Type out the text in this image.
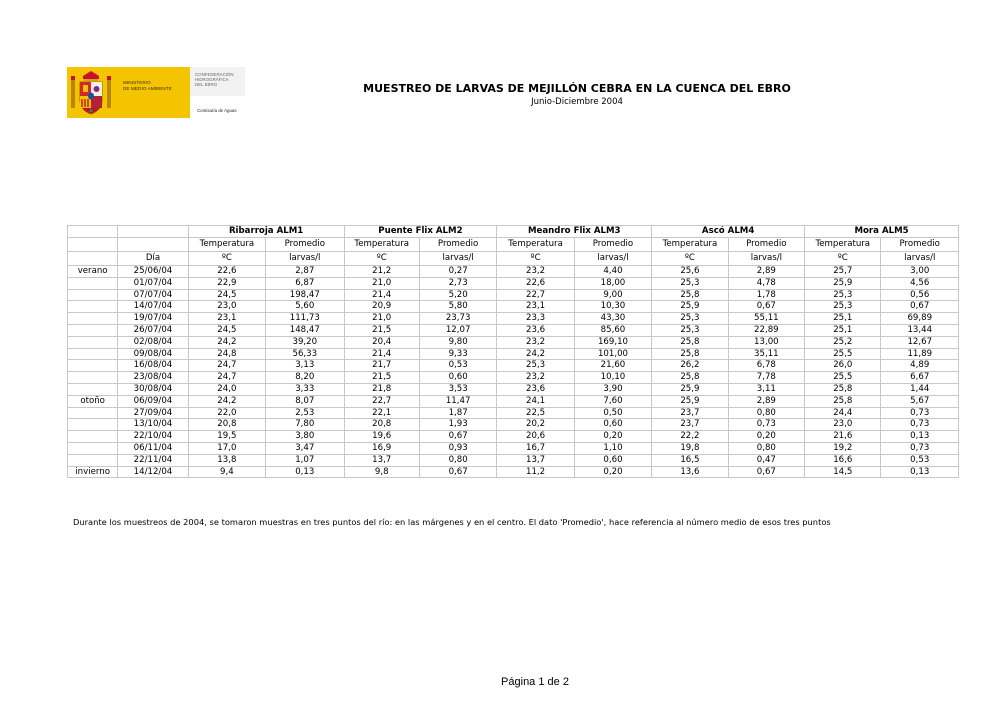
MINISTERIO
DE MEDIO AMBIENTE
CONFEDERACIÓN
HIDROGRÁFICA
DEL EBRO
Comisaría de Aguas
MUESTREO DE LARVAS DE MEJILLÓN CEBRA EN LA CUENCA DEL EBRO
Junio-Diciembre 2004
		Ribarroja ALM1		Puente Flix ALM2		Meandro Flix ALM3		Ascó ALM4		Mora ALM5	
		Temperatura	Promedio	Temperatura	Promedio	Temperatura	Promedio	Temperatura	Promedio	Temperatura	Promedio
	Día	ºC	larvas/l	ºC	larvas/l	ºC	larvas/l	ºC	larvas/l	ºC	larvas/l
verano	25/06/04	22,6	2,87	21,2	0,27	23,2	4,40	25,6	2,89	25,7	3,00
	01/07/04	22,9	6,87	21,0	2,73	22,6	18,00	25,3	4,78	25,9	4,56
	07/07/04	24,5	198,47	21,4	5,20	22,7	9,00	25,8	1,78	25,3	0,56
	14/07/04	23,0	5,60	20,9	5,80	23,1	10,30	25,9	0,67	25,3	0,67
	19/07/04	23,1	111,73	21,0	23,73	23,3	43,30	25,3	55,11	25,1	69,89
	26/07/04	24,5	148,47	21,5	12,07	23,6	85,60	25,3	22,89	25,1	13,44
	02/08/04	24,2	39,20	20,4	9,80	23,2	169,10	25,8	13,00	25,2	12,67
	09/08/04	24,8	56,33	21,4	9,33	24,2	101,00	25,8	35,11	25,5	11,89
	16/08/04	24,7	3,13	21,7	0,53	25,3	21,60	26,2	6,78	26,0	4,89
	23/08/04	24,7	8,20	21,5	0,60	23,2	10,10	25,8	7,78	25,5	6,67
	30/08/04	24,0	3,33	21,8	3,53	23,6	3,90	25,9	3,11	25,8	1,44
otoño	06/09/04	24,2	8,07	22,7	11,47	24,1	7,60	25,9	2,89	25,8	5,67
	27/09/04	22,0	2,53	22,1	1,87	22,5	0,50	23,7	0,80	24,4	0,73
	13/10/04	20,8	7,80	20,8	1,93	20,2	0,60	23,7	0,73	23,0	0,73
	22/10/04	19,5	3,80	19,6	0,67	20,6	0,20	22,2	0,20	21,6	0,13
	06/11/04	17,0	3,47	16,9	0,93	16,7	1,10	19,8	0,80	19,2	0,73
	22/11/04	13,8	1,07	13,7	0,80	13,7	0,60	16,5	0,47	16,6	0,53
invierno	14/12/04	9,4	0,13	9,8	0,67	11,2	0,20	13,6	0,67	14,5	0,13
Durante los muestreos de 2004, se tomaron muestras en tres puntos del río: en las márgenes y en el centro. El dato 'Promedio', hace referencia al número medio de esos tres puntos
Página 1 de 2
